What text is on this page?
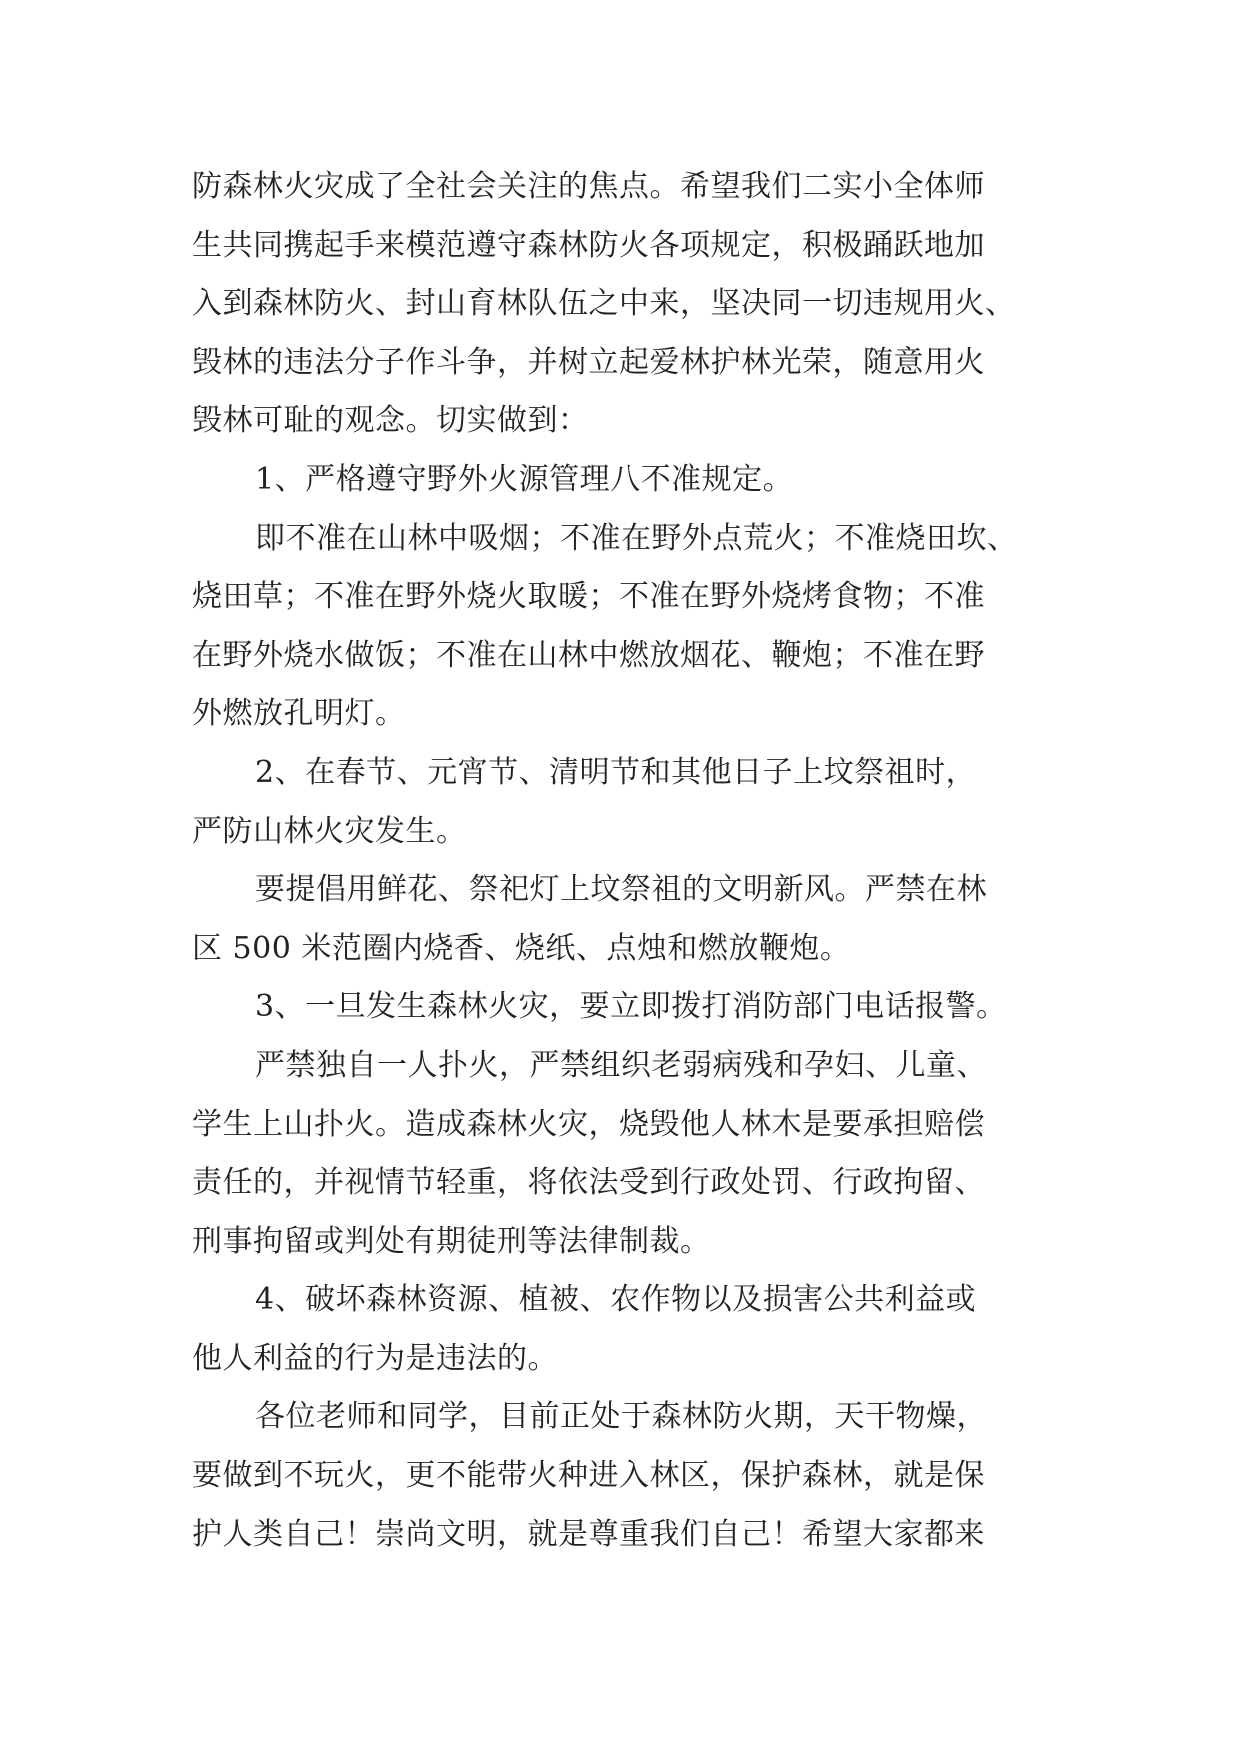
防森林火灾成了全社会关注的焦点。希望我们二实小全体师
生共同携起手来模范遵守森林防火各项规定，积极踊跃地加
入到森林防火、封山育林队伍之中来，坚决同一切违规用火、
毁林的违法分子作斗争，并树立起爱林护林光荣，随意用火
毁林可耻的观念。切实做到：
1、严格遵守野外火源管理八不准规定。
即不准在山林中吸烟；不准在野外点荒火；不准烧田坎、
烧田草；不准在野外烧火取暖；不准在野外烧烤食物；不准
在野外烧水做饭；不准在山林中燃放烟花、鞭炮；不准在野
外燃放孔明灯。
2、在春节、元宵节、清明节和其他日子上坟祭祖时，
严防山林火灾发生。
要提倡用鲜花、祭祀灯上坟祭祖的文明新风。严禁在林
区 500 米范圈内烧香、烧纸、点烛和燃放鞭炮。
3、一旦发生森林火灾，要立即拨打消防部门电话报警。
严禁独自一人扑火，严禁组织老弱病残和孕妇、儿童、
学生上山扑火。造成森林火灾，烧毁他人林木是要承担赔偿
责任的，并视情节轻重，将依法受到行政处罚、行政拘留、
刑事拘留或判处有期徒刑等法律制裁。
4、破坏森林资源、植被、农作物以及损害公共利益或
他人利益的行为是违法的。
各位老师和同学，目前正处于森林防火期，天干物燥，
要做到不玩火，更不能带火种进入林区，保护森林，就是保
护人类自己！崇尚文明，就是尊重我们自己！希望大家都来
